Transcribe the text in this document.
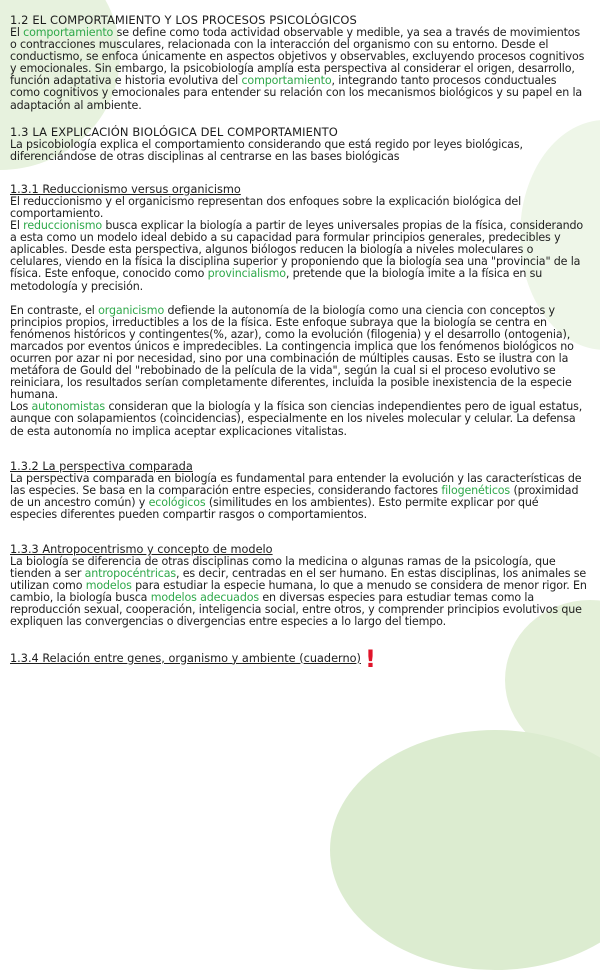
1.2 EL COMPORTAMIENTO Y LOS PROCESOS PSICOLÓGICOS

El comportamiento se define como toda actividad observable y medible, ya sea a través de movimientos o contracciones musculares, relacionada con la interacción del organismo con su entorno. Desde el conductismo, se enfoca únicamente en aspectos objetivos y observables, excluyendo procesos cognitivos y emocionales. Sin embargo, la psicobiología amplía esta perspectiva al considerar el origen, desarrollo, función adaptativa e historia evolutiva del comportamiento, integrando tanto procesos conductuales como cognitivos y emocionales para entender su relación con los mecanismos biológicos y su papel en la adaptación al ambiente.

1.3 LA EXPLICACIÓN BIOLÓGICA DEL COMPORTAMIENTO

La psicobiología explica el comportamiento considerando que está regido por leyes biológicas, diferenciándose de otras disciplinas al centrarse en las bases biológicas

1.3.1 Reduccionismo versus organicismo

El reduccionismo y el organicismo representan dos enfoques sobre la explicación biológica del comportamiento.

El reduccionismo busca explicar la biología a partir de leyes universales propias de la física, considerando a esta como un modelo ideal debido a su capacidad para formular principios generales, predecibles y aplicables. Desde esta perspectiva, algunos biólogos reducen la biología a niveles moleculares o celulares, viendo en la física la disciplina superior y proponiendo que la biología sea una "provincia" de la física. Este enfoque, conocido como provincialismo, pretende que la biología imite a la física en su metodología y precisión.

En contraste, el organicismo defiende la autonomía de la biología como una ciencia con conceptos y principios propios, irreductibles a los de la física. Este enfoque subraya que la biología se centra en fenómenos históricos y contingentes(%, azar), como la evolución (filogenia) y el desarrollo (ontogenia), marcados por eventos únicos e impredecibles. La contingencia implica que los fenómenos biológicos no ocurren por azar ni por necesidad, sino por una combinación de múltiples causas. Esto se ilustra con la metáfora de Gould del "rebobinado de la película de la vida", según la cual si el proceso evolutivo se reiniciara, los resultados serían completamente diferentes, incluida la posible inexistencia de la especie humana.

Los autonomistas consideran que la biología y la física son ciencias independientes pero de igual estatus, aunque con solapamientos (coincidencias), especialmente en los niveles molecular y celular. La defensa de esta autonomía no implica aceptar explicaciones vitalistas.

1.3.2 La perspectiva comparada

La perspectiva comparada en biología es fundamental para entender la evolución y las características de las especies. Se basa en la comparación entre especies, considerando factores filogenéticos (proximidad de un ancestro común) y ecológicos (similitudes en los ambientes). Esto permite explicar por qué especies diferentes pueden compartir rasgos o comportamientos.

1.3.3 Antropocentrismo y concepto de modelo

La biología se diferencia de otras disciplinas como la medicina o algunas ramas de la psicología, que tienden a ser antropocéntricas, es decir, centradas en el ser humano. En estas disciplinas, los animales se utilizan como modelos para estudiar la especie humana, lo que a menudo se considera de menor rigor. En cambio, la biología busca modelos adecuados en diversas especies para estudiar temas como la reproducción sexual, cooperación, inteligencia social, entre otros, y comprender principios evolutivos que expliquen las convergencias o divergencias entre especies a lo largo del tiempo.

1.3.4 Relación entre genes, organismo y ambiente (cuaderno) !
